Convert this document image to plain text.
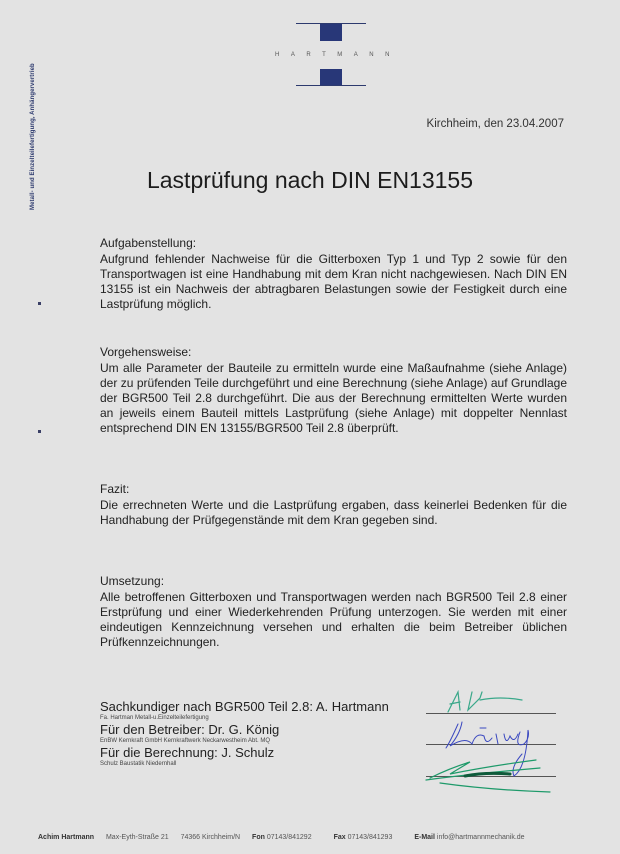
HARTMANN
Metall- und Einzelteilefertigung, Anhängervertrieb	Kirchheim, den 23.04.2007
Lastprüfung nach DIN EN13155
Aufgabenstellung:
Aufgrund fehlender Nachweise für die Gitterboxen Typ 1 und Typ 2 sowie für den Transportwagen ist eine Handhabung mit dem Kran nicht nachgewiesen. Nach DIN EN 13155 ist ein Nachweis der abtragbaren Belastungen sowie der Festigkeit durch eine Lastprüfung möglich.
Vorgehensweise:
Um alle Parameter der Bauteile zu ermitteln wurde eine Maßaufnahme (siehe Anlage) der zu prüfenden Teile durchgeführt und eine Berechnung (siehe Anlage) auf Grundlage der BGR500 Teil 2.8 durchgeführt. Die aus der Berechnung ermittelten Werte wurden an jeweils einem Bauteil mittels Lastprüfung (siehe Anlage) mit doppelter Nennlast entsprechend DIN EN 13155/BGR500 Teil 2.8 überprüft.
Fazit:
Die errechneten Werte und die Lastprüfung ergaben, dass keinerlei Bedenken für die Handhabung der Prüfgegenstände mit dem Kran gegeben sind.
Umsetzung:
Alle betroffenen Gitterboxen und Transportwagen werden nach BGR500 Teil 2.8 einer Erstprüfung und einer Wiederkehrenden Prüfung unterzogen. Sie werden mit einer eindeutigen Kennzeichnung versehen und erhalten die beim Betreiber üblichen Prüfkennzeichnungen.
Sachkundiger nach BGR500 Teil 2.8: A. Hartmann
Fa. Hartman Metall-u.Einzelteilefertigung
Für den Betreiber: Dr. G. König
EnBW Kernkraft GmbH Kernkraftwerk Neckarwestheim Abt. MQ
Für die Berechnung: J. Schulz
Schulz Baustatik Niedernhall
Achim Hartmann Max-Eyth-Straße 21 74366 Kirchheim/N Fon 07143/841292	Fax 07143/841293	E-Mail info@hartmannmechanik.de
